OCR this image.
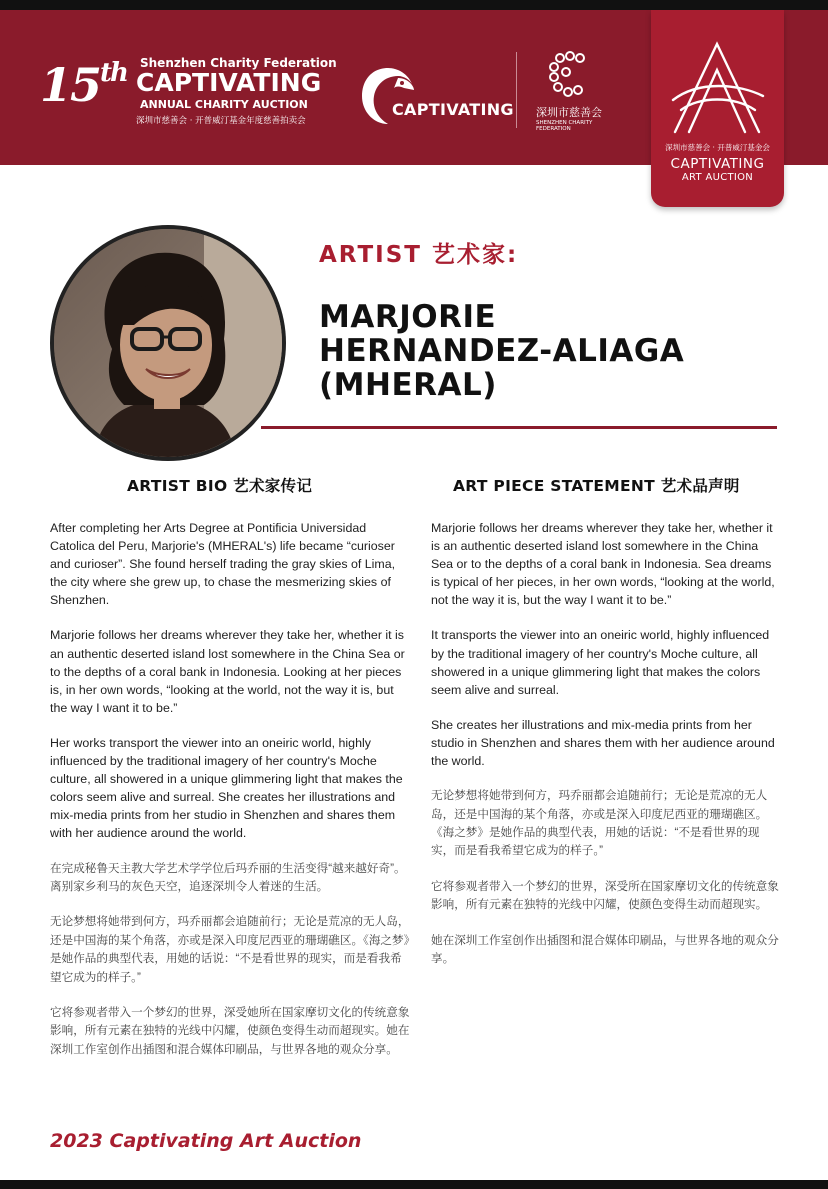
15th Shenzhen Charity Federation
CAPTIVATING
ANNUAL CHARITY AUCTION
深圳市慈善会 · 开普威汀基金年度慈善拍卖会
CAPTIVATING 深圳市慈善会
SHENZHEN CHARITY FEDERATION
深圳市慈善会 · 开普威汀基金会
CAPTIVATING
ART AUCTION
ARTIST 艺术家:
MARJORIE
HERNANDEZ-ALIAGA
(MHERAL)
ARTIST BIO 艺术家传记	ART PIECE STATEMENT 艺术品声明

After completing her Arts Degree at Pontificia Universidad Catolica del Peru, Marjorie's (MHERAL's) life became “curioser and curioser”. She found herself trading the gray skies of Lima, the city where she grew up, to chase the mesmerizing skies of Shenzhen.

Marjorie follows her dreams wherever they take her, whether it is an authentic deserted island lost somewhere in the China Sea or to the depths of a coral bank in Indonesia. Looking at her pieces is, in her own words, “looking at the world, not the way it is, but the way I want it to be.”

Her works transport the viewer into an oneiric world, highly influenced by the traditional imagery of her country's Moche culture, all showered in a unique glimmering light that makes the colors seem alive and surreal. She creates her illustrations and mix-media prints from her studio in Shenzhen and shares them with her audience around the world.

在完成秘鲁天主教大学艺术学学位后玛乔丽的生活变得“越来越好奇”。离别家乡利马的灰色天空，追逐深圳令人着迷的生活。

无论梦想将她带到何方，玛乔丽都会追随前行；无论是荒凉的无人岛，还是中国海的某个角落，亦或是深入印度尼西亚的珊瑚礁区。《海之梦》是她作品的典型代表，用她的话说：“不是看世界的现实，而是看我希望它成为的样子。”

它将参观者带入一个梦幻的世界，深受她所在国家摩切文化的传统意象影响，所有元素在独特的光线中闪耀，使颜色变得生动而超现实。她在深圳工作室创作出插图和混合媒体印刷品，与世界各地的观众分享。

Marjorie follows her dreams wherever they take her, whether it is an authentic deserted island lost somewhere in the China Sea or to the depths of a coral bank in Indonesia. Sea dreams is typical of her pieces, in her own words, “looking at the world, not the way it is, but the way I want it to be.”

It transports the viewer into an oneiric world, highly influenced by the traditional imagery of her country's Moche culture, all showered in a unique glimmering light that makes the colors seem alive and surreal.

She creates her illustrations and mix-media prints from her studio in Shenzhen and shares them with her audience around the world.

无论梦想将她带到何方，玛乔丽都会追随前行；无论是荒凉的无人岛，还是中国海的某个角落，亦或是深入印度尼西亚的珊瑚礁区。《海之梦》是她作品的典型代表，用她的话说：“不是看世界的现实，而是看我希望它成为的样子。”

它将参观者带入一个梦幻的世界，深受所在国家摩切文化的传统意象影响，所有元素在独特的光线中闪耀，使颜色变得生动而超现实。

她在深圳工作室创作出插图和混合媒体印刷品，与世界各地的观众分享。

2023 Captivating Art Auction
